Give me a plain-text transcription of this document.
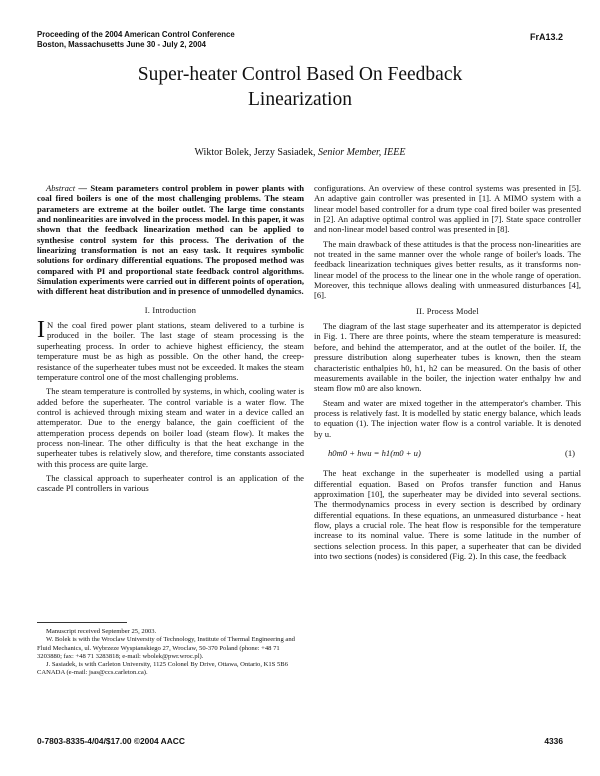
Proceeding of the 2004 American Control Conference
Boston, Massachusetts June 30 - July 2, 2004
FrA13.2
Super-heater Control Based On Feedback
Linearization
Wiktor Bolek, Jerzy Sasiadek, Senior Member, IEEE

Abstract — Steam parameters control problem in power plants with coal fired boilers is one of the most challenging problems. The steam parameters are extreme at the boiler outlet. The large time constants and nonlinearities are involved in the process model. In this paper, it was shown that the feedback linearization method can be applied to synthesise control system for this process. The derivation of the linearizing transformation is not an easy task. It requires symbolic solutions for ordinary differential equations. The proposed method was compared with PI and proportional state feedback control algorithms. Simulation experiments were carried out in different points of operation, with different heat distribution and in presence of unmodelled dynamics.

I. Introduction

I N the coal fired power plant stations, steam delivered to a turbine is produced in the boiler. The last stage of steam processing is the superheating process. In order to achieve highest efficiency, the steam temperature must be as high as possible. On the other hand, the creep-resistance of the superheater tubes must not be exceeded. It makes the steam temperature control one of the most challenging problems.

The steam temperature is controlled by systems, in which, cooling water is added before the superheater. The control variable is a water flow. The control is achieved through mixing steam and water in a device called an attemperator. Due to the energy balance, the gain coefficient of the attemperation process depends on boiler load (steam flow). It makes the process non-linear. The other difficulty is that the heat exchange in the superheater tubes is relatively slow, and therefore, time constants associated with this process are quite large.

The classical approach to superheater control is an application of the cascade PI controllers in various

Manuscript received September 25, 2003.

W. Bolek is with the Wroclaw University of Technology, Institute of Thermal Engineering and Fluid Mechanics, ul. Wybrzeze Wyspianskiego 27, Wroclaw, 50-370 Poland (phone: +48 71 3203880; fax: +48 71 3283818; e-mail: wbolek@pwr.wroc.pl).

J. Sasiadek, is with Carleton University, 1125 Colonel By Drive, Ottawa, Ontario, K1S 5B6 CANADA (e-mail: jsas@ccs.carleton.ca).

configurations. An overview of these control systems was presented in [5]. An adaptive gain controller was presented in [1]. A MIMO system with a linear model based controller for a drum type coal fired boiler was presented in [2]. An adaptive optimal control was applied in [7]. State space controller and non-linear model based control was presented in [8].

The main drawback of these attitudes is that the process non-linearities are not treated in the same manner over the whole range of boiler's loads. The feedback linearization techniques gives better results, as it transforms non-linear model of the process to the linear one in the whole range of operation. Moreover, this technique allows dealing with unmeasured disturbances [4], [6].

II. Process Model

The diagram of the last stage superheater and its attemperator is depicted in Fig. 1. There are three points, where the steam temperature is measured: before, and behind the attemperator, and at the outlet of the boiler. If, the pressure distribution along superheater tubes is known, then the steam characteristic enthalpies h0, h1, h2 can be measured. On the basis of other measurements available in the boiler, the injection water enthalpy hw and steam flow m0 are also known.

Steam and water are mixed together in the attemperator's chamber. This process is relatively fast. It is modelled by static energy balance, which leads to equation (1). The injection water flow is a control variable. It is denoted by u.

h0m0 + hwu = h1(m0 + u)	(1)

The heat exchange in the superheater is modelled using a partial differential equation. Based on Profos transfer function and Hanus approximation [10], the superheater may be divided into several sections. The thermodynamics process in every section is described by ordinary differential equations. In these equations, an unmeasured disturbance - heat flow, plays a crucial role. The heat flow is responsible for the temperature increase to its nominal value. There is some latitude in the number of sections selection process. In this paper, a superheater that can be divided into two sections (nodes) is considered (Fig. 2). In this case, the feedback

0-7803-8335-4/04/$17.00 ©2004 AACC	4336
